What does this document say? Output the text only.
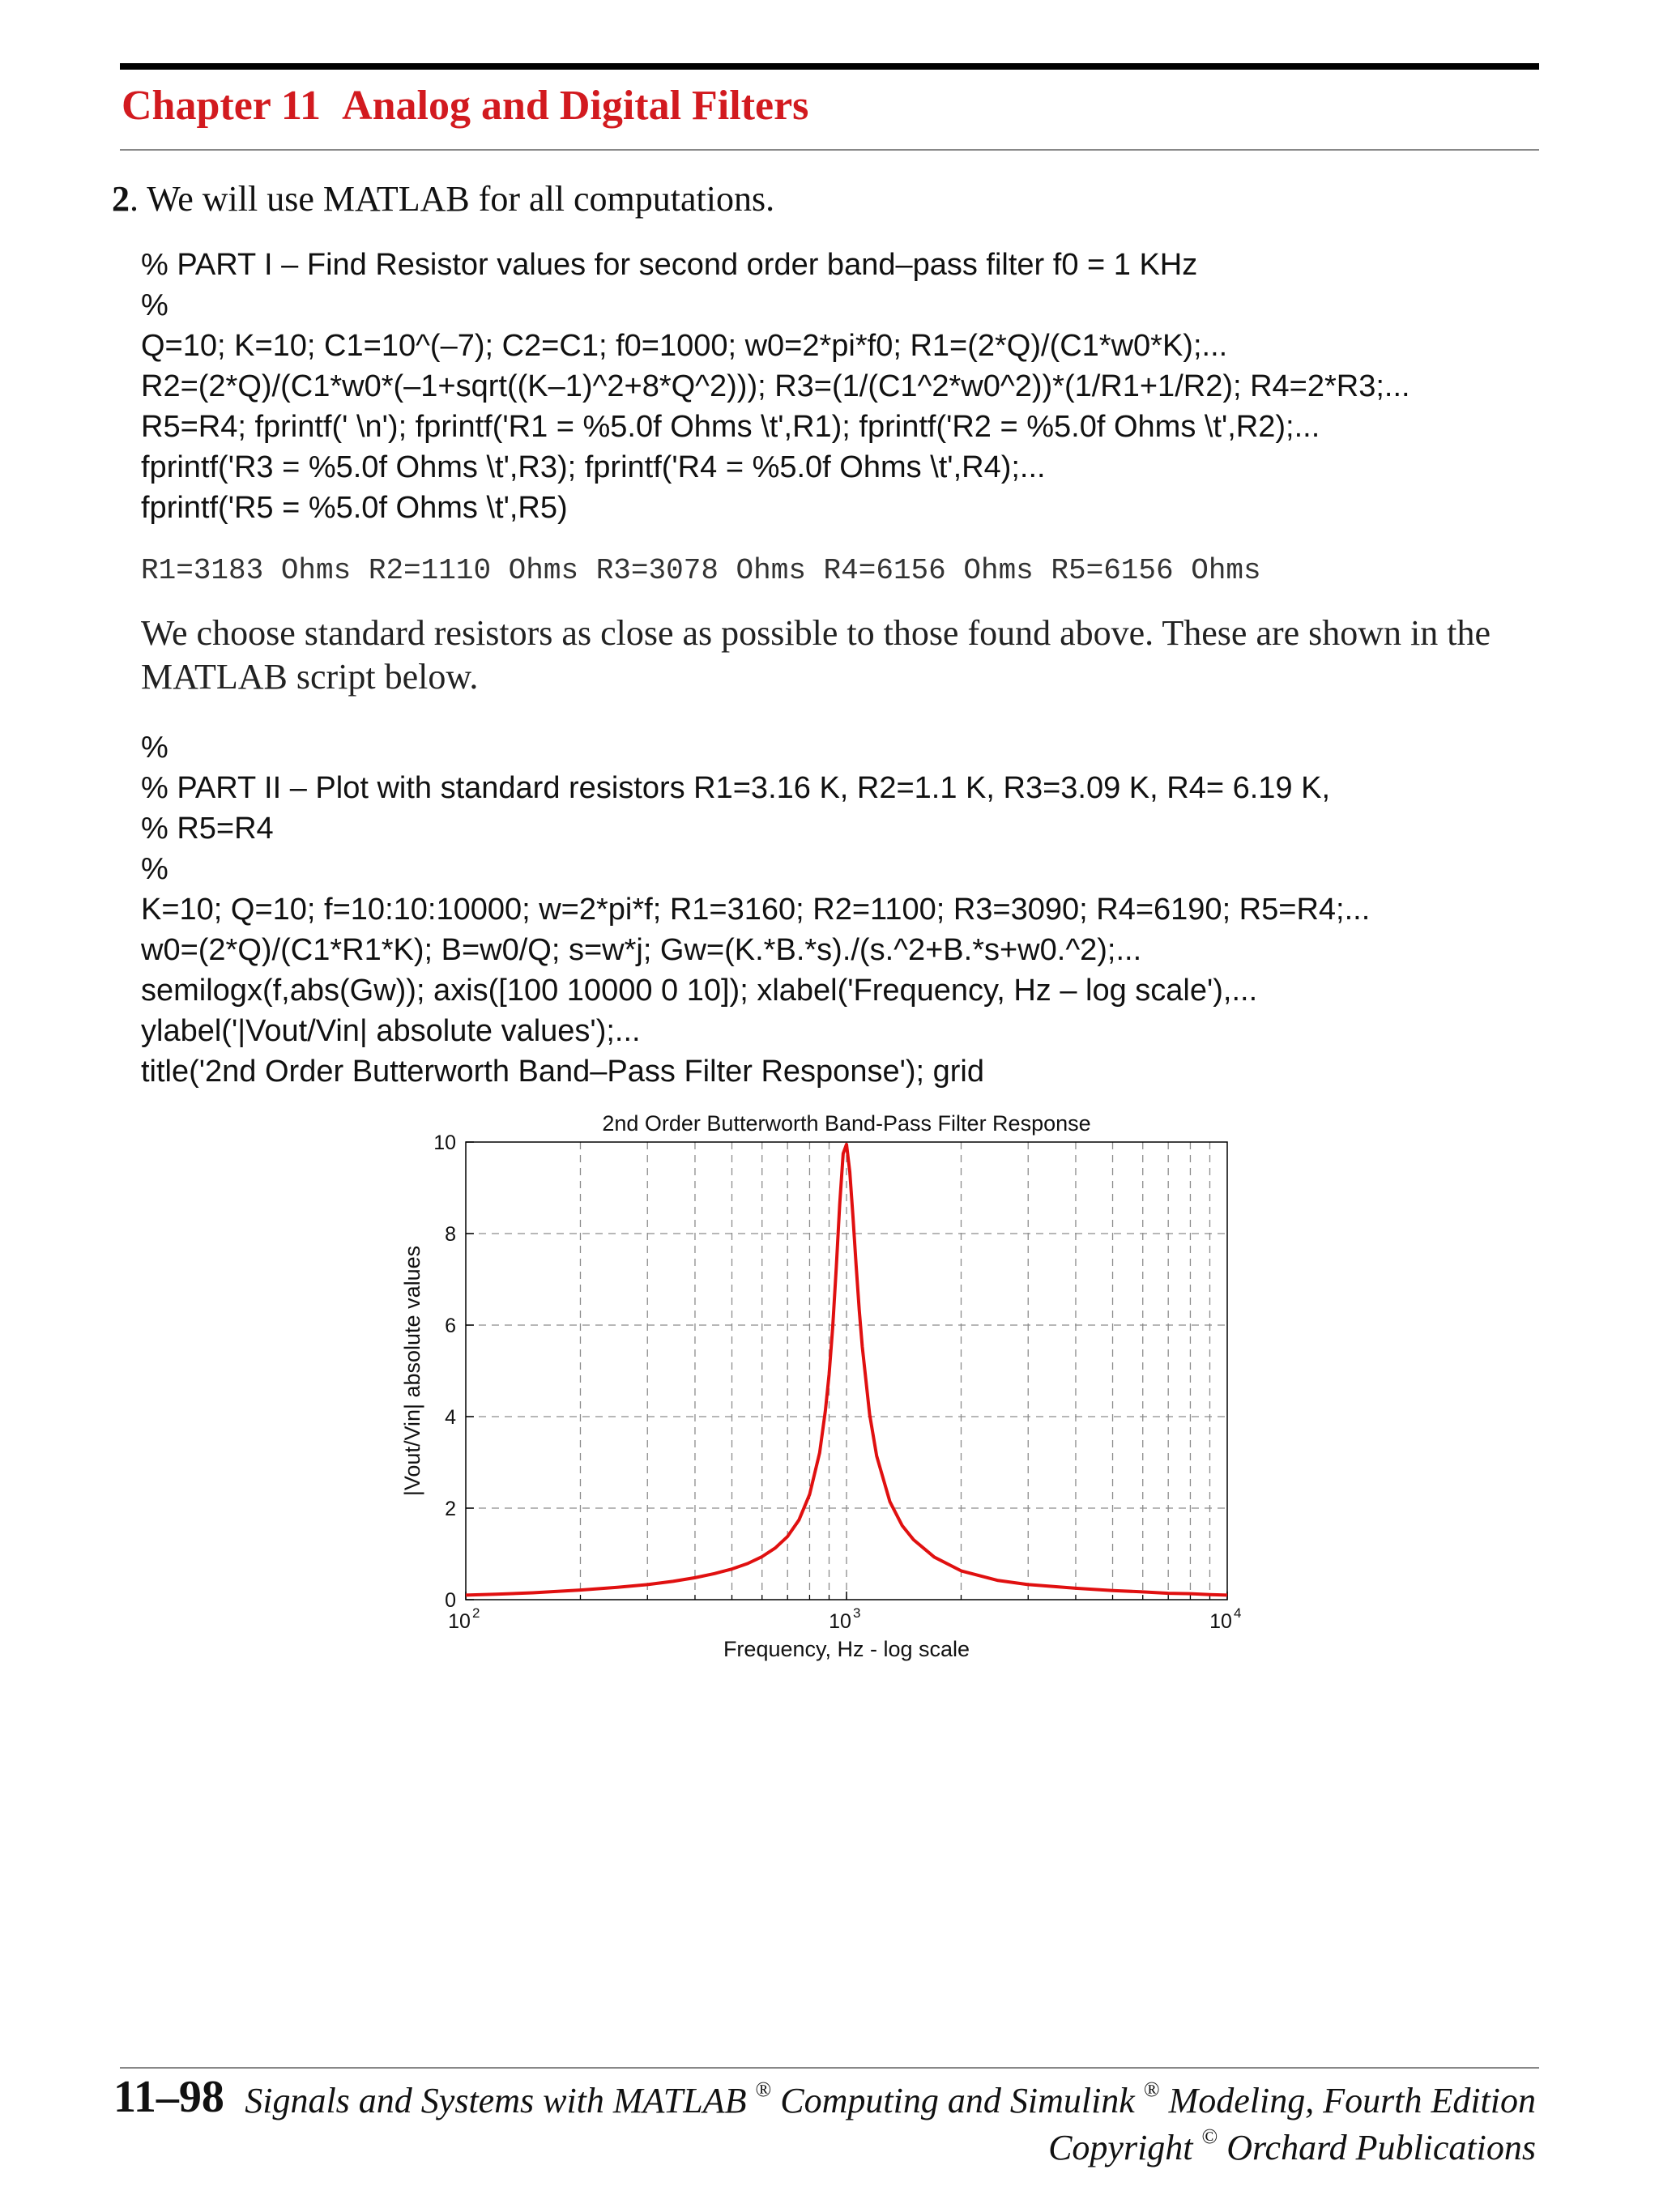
Chapter 11 Analog and Digital Filters
2. We will use MATLAB for all computations.
% PART I – Find Resistor values for second order band–pass filter f0 = 1 KHz
%
Q=10; K=10; C1=10^(–7); C2=C1; f0=1000; w0=2*pi*f0; R1=(2*Q)/(C1*w0*K);...
R2=(2*Q)/(C1*w0*(–1+sqrt((K–1)^2+8*Q^2))); R3=(1/(C1^2*w0^2))*(1/R1+1/R2); R4=2*R3;...
R5=R4; fprintf(' \n'); fprintf('R1 = %5.0f Ohms \t',R1); fprintf('R2 = %5.0f Ohms \t',R2);...
fprintf('R3 = %5.0f Ohms \t',R3); fprintf('R4 = %5.0f Ohms \t',R4);...
fprintf('R5 = %5.0f Ohms \t',R5)
R1=3183 Ohms R2=1110 Ohms R3=3078 Ohms R4=6156 Ohms R5=6156 Ohms
We choose standard resistors as close as possible to those found above. These are shown in the
MATLAB script below.
%
% PART II – Plot with standard resistors R1=3.16 K, R2=1.1 K, R3=3.09 K, R4= 6.19 K,
% R5=R4
%
K=10; Q=10; f=10:10:10000; w=2*pi*f; R1=3160; R2=1100; R3=3090; R4=6190; R5=R4;...
w0=(2*Q)/(C1*R1*K); B=w0/Q; s=w*j; Gw=(K.*B.*s)./(s.^2+B.*s+w0.^2);...
semilogx(f,abs(Gw)); axis([100 10000 0 10]); xlabel('Frequency, Hz – log scale'),...
ylabel('|Vout/Vin| absolute values');...
title('2nd Order Butterworth Band–Pass Filter Response'); grid
0
2
4
6
8
10
10 2	10 3	10 4
2nd Order Butterworth Band-Pass Filter Response
Frequency, Hz - log scale
|Vout/Vin| absolute values
11–98 Signals and Systems with MATLAB ® Computing and Simulink ® Modeling, Fourth Edition
Copyright © Orchard Publications
